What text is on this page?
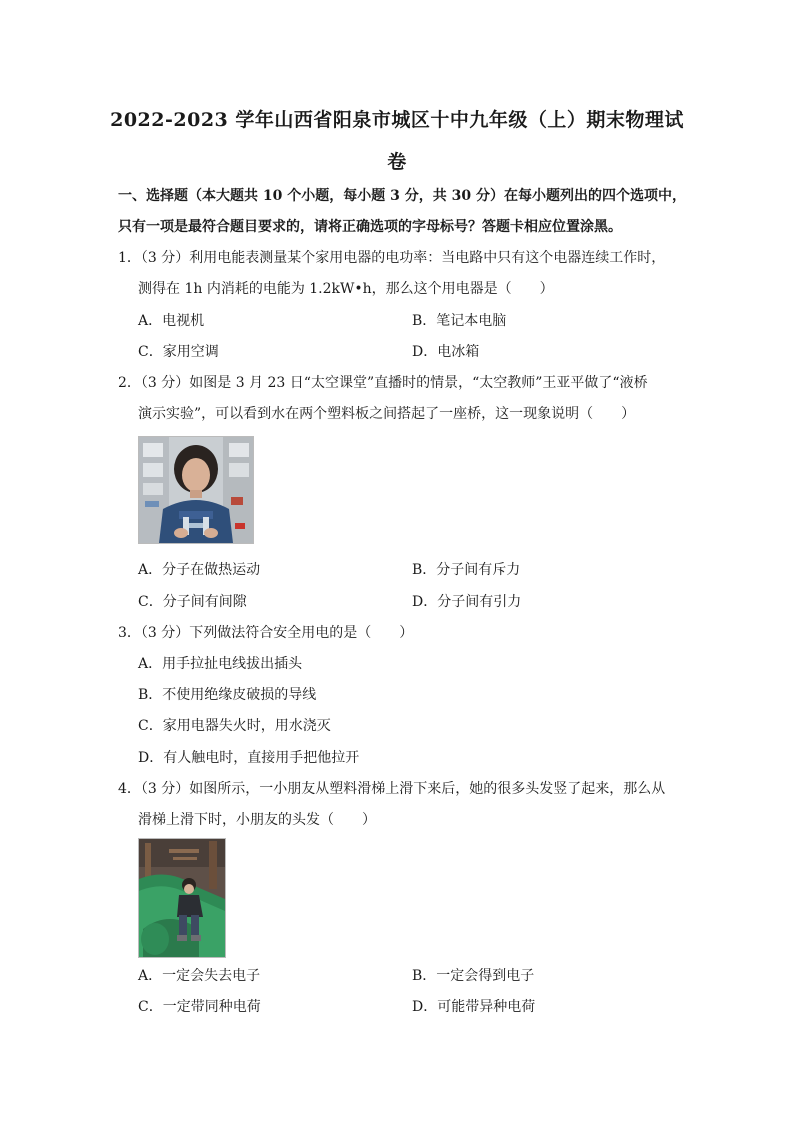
2022-2023 学年山西省阳泉市城区十中九年级（上）期末物理试
卷
一、选择题（本大题共 10 个小题，每小题 3 分，共 30 分）在每小题列出的四个选项中，
只有一项是最符合题目要求的，请将正确选项的字母标号？答题卡相应位置涂黑。
1．（3 分）利用电能表测量某个家用电器的电功率：当电路中只有这个电器连续工作时，
测得在 1h 内消耗的电能为 1.2kW•h，那么这个用电器是（　　）
A．电视机	B．笔记本电脑
C．家用空调	D．电冰箱
2．（3 分）如图是 3 月 23 日“太空课堂”直播时的情景，“太空教师”王亚平做了“液桥
演示实验”，可以看到水在两个塑料板之间搭起了一座桥，这一现象说明（　　）
A．分子在做热运动	B．分子间有斥力
C．分子间有间隙	D．分子间有引力
3．（3 分）下列做法符合安全用电的是（　　）
A．用手拉扯电线拔出插头
B．不使用绝缘皮破损的导线
C．家用电器失火时，用水浇灭
D．有人触电时，直接用手把他拉开
4．（3 分）如图所示，一小朋友从塑料滑梯上滑下来后，她的很多头发竖了起来，那么从
滑梯上滑下时，小朋友的头发（　　）
A．一定会失去电子	B．一定会得到电子
C．一定带同种电荷	D．可能带异种电荷
